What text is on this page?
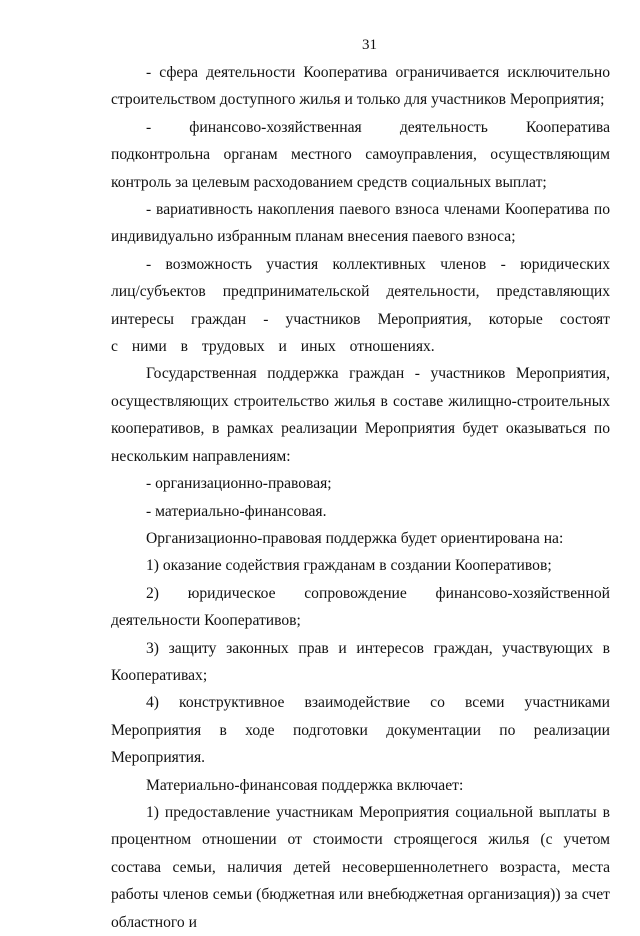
31

- сфера деятельности Кооператива ограничивается исключительно строительством доступного жилья и только для участников Мероприятия;

- финансово-хозяйственная деятельность Кооператива подконтрольна органам местного самоуправления, осуществляющим контроль за целевым расходованием средств социальных выплат;

- вариативность накопления паевого взноса членами Кооператива по индивидуально избранным планам внесения паевого взноса;

- возможность участия коллективных членов - юридических лиц/субъектов предпринимательской деятельности, представляющих интересы граждан - участников Мероприятия, которые состоят с ними в трудовых и иных отношениях.

Государственная поддержка граждан - участников Мероприятия, осуществляющих строительство жилья в составе жилищно-строительных кооперативов, в рамках реализации Мероприятия будет оказываться по нескольким направлениям:

- организационно-правовая;

- материально-финансовая.

Организационно-правовая поддержка будет ориентирована на:

1) оказание содействия гражданам в создании Кооперативов;

2) юридическое сопровождение финансово-хозяйственной деятельности Кооперативов;

3) защиту законных прав и интересов граждан, участвующих в Кооперативах;

4) конструктивное взаимодействие со всеми участниками Мероприятия в ходе подготовки документации по реализации Мероприятия.

Материально-финансовая поддержка включает:

1) предоставление участникам Мероприятия социальной выплаты в процентном отношении от стоимости строящегося жилья (с учетом состава семьи, наличия детей несовершеннолетнего возраста, места работы членов семьи (бюджетная или внебюджетная организация)) за счет областного и
